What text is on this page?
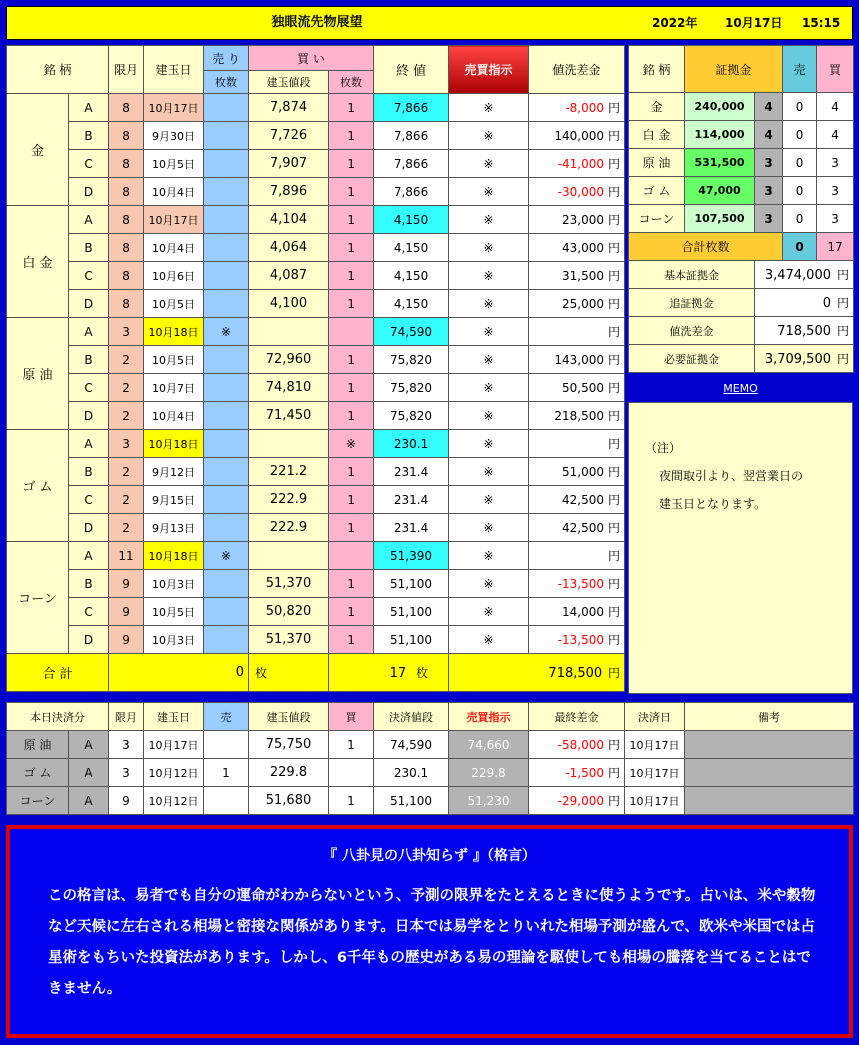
独眼流先物展望	2022年 10月17日 15:15
銘 柄		限月	建玉日	売 り	買 い		終 値	売買指示	値洗差金
				枚数	建玉値段	枚数			
金	A	8	10月17日		7,874	1	7,866	※	-8,000 円
	B	8	9月30日		7,726	1	7,866	※	140,000 円
	C	8	10月5日		7,907	1	7,866	※	-41,000 円
	D	8	10月4日		7,896	1	7,866	※	-30,000 円
白 金	A	8	10月17日		4,104	1	4,150	※	23,000 円
	B	8	10月4日		4,064	1	4,150	※	43,000 円
	C	8	10月6日		4,087	1	4,150	※	31,500 円
	D	8	10月5日		4,100	1	4,150	※	25,000 円
原 油	A	3	10月18日	※			74,590	※	円
	B	2	10月5日		72,960	1	75,820	※	143,000 円
	C	2	10月7日		74,810	1	75,820	※	50,500 円
	D	2	10月4日		71,450	1	75,820	※	218,500 円
ゴ ム	A	3	10月18日			※	230.1	※	円
	B	2	9月12日		221.2	1	231.4	※	51,000 円
	C	2	9月15日		222.9	1	231.4	※	42,500 円
	D	2	9月13日		222.9	1	231.4	※	42,500 円
コーン	A	11	10月18日	※			51,390	※	円
	B	9	10月3日		51,370	1	51,100	※	-13,500 円
	C	9	10月5日		50,820	1	51,100	※	14,000 円
	D	9	10月3日		51,370	1	51,100	※	-13,500 円
合 計		0			枚	17 枚		718,500 円	
銘 柄	証拠金		売	買
金	240,000	4	0	4
白 金	114,000	4	0	4
原 油	531,500	3	0	3
ゴ ム	47,000	3	0	3
コーン	107,500	3	0	3
合計枚数			0	17
基本証拠金		3,474,000 円		
追証拠金		0 円		
値洗差金		718,500 円		
必要証拠金		3,709,500 円		
MEMO
（注）
夜間取引より、翌営業日の
建玉日となります。
本日決済分		限月	建玉日	売	建玉値段	買	決済値段	売買指示	最終差金	決済日	備考
原 油	A	3	10月17日		75,750	1	74,590	74,660	-58,000 円	10月17日	
ゴ ム	A	3	10月12日	1	229.8		230.1	229.8	-1,500 円	10月17日	
コーン	A	9	10月12日		51,680	1	51,100	51,230	-29,000 円	10月17日	
『 八卦見の八卦知らず 』（格言）
この格言は、易者でも自分の運命がわからないという、予測の限界をたとえるときに使うようです。占いは、米や穀物など天候に左右される相場と密接な関係があります。日本では易学をとりいれた相場予測が盛んで、欧米や米国では占星術をもちいた投資法があります。しかし、6千年もの歴史がある易の理論を駆使しても相場の騰落を当てることはできません。
